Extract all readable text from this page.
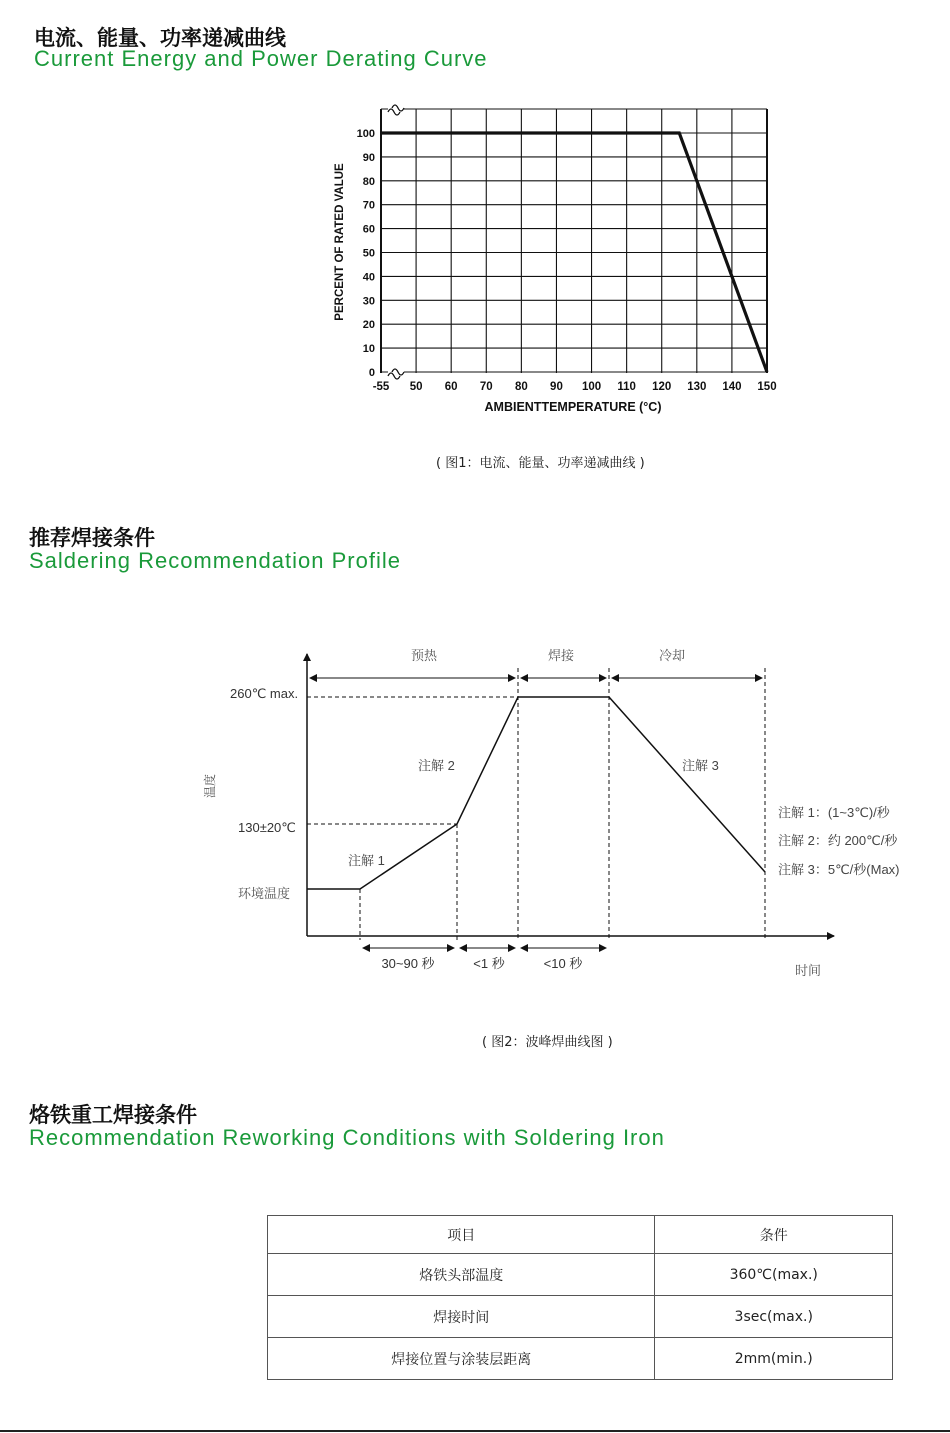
电流、能量、功率递减曲线
Current Energy and Power Derating Curve
0
10
20
30
40
50
60
70
80
90
100
-55 50 60 70 80 90 100 110 120 130 140 150
PERCENT OF RATED VALUE
AMBIENTTEMPERATURE (°C)
( 图1：电流、能量、功率递减曲线 )
推荐焊接条件
Saldering Recommendation Profile
预热	焊接	冷却
260℃ max.
130±20℃
环境温度
温度
注解 1
注解 2	注解 3
注解 1：(1~3℃)/秒
注解 2：约 200℃/秒
注解 3：5℃/秒(Max)
30~90 秒	<1 秒	<10 秒	时间
( 图2：波峰焊曲线图 )
烙铁重工焊接条件
Recommendation Reworking Conditions with Soldering Iron
项目	条件
烙铁头部温度	360℃(max.)
焊接时间	3sec(max.)
焊接位置与涂装层距离	2mm(min.)
